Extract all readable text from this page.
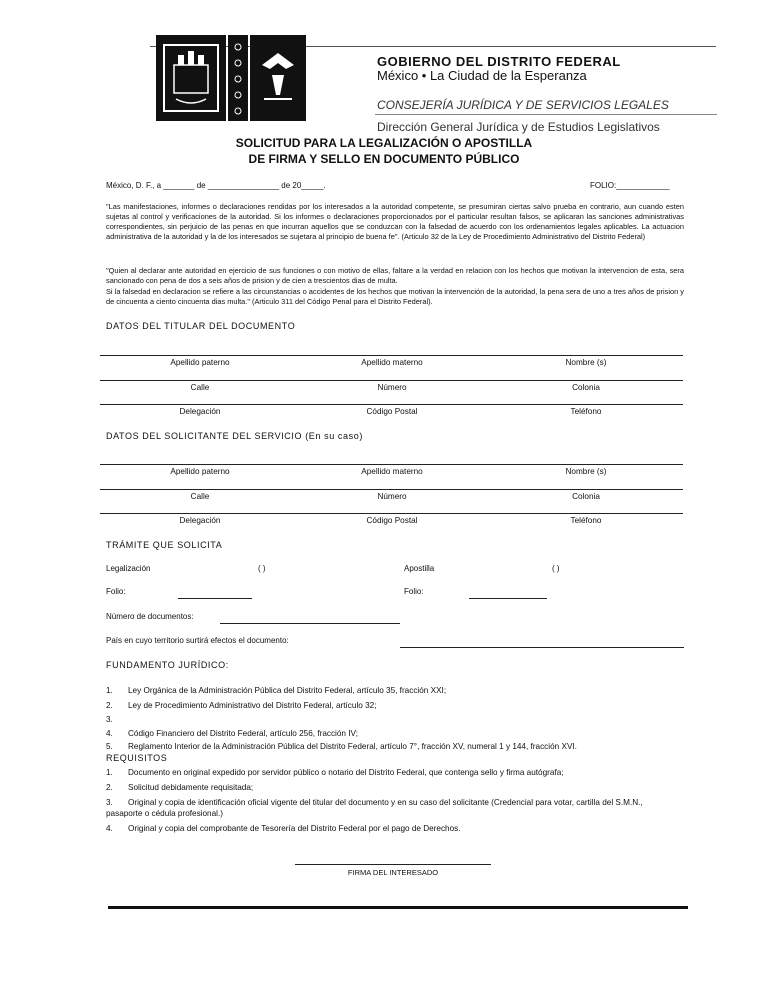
GOBIERNO DEL DISTRITO FEDERAL
México • La Ciudad de la Esperanza
CONSEJERÍA JURÍDICA Y DE SERVICIOS LEGALES
Dirección General Jurídica y de Estudios Legislativos
SOLICITUD PARA LA LEGALIZACIÓN O APOSTILLA
DE FIRMA Y SELLO EN DOCUMENTO PÚBLICO
México, D. F., a _______ de ________________ de 20_____.	FOLIO:____________
"Las manifestaciones, informes o declaraciones rendidas por los interesados a la autoridad competente, se presumiran ciertas salvo prueba en contrario, aun cuando esten sujetas al control y verificaciones de la autoridad. Si los informes o declaraciones proporcionados por el particular resultan falsos, se aplicaran las sanciones administrativas correspondientes, sin perjuicio de las penas en que incurran aquellos que se conduzcan con la falsedad de acuerdo con los ordenamientos legales aplicables. La actuacion administrativa de la autoridad y la de los interesados se sujetara al principio de buena fe". (Articulo 32 de la Ley de Procedimiento Administrativo del Distrito Federal)
"Quien al declarar ante autoridad en ejercicio de sus funciones o con motivo de ellas, faltare a la verdad en relacion con los hechos que motivan la intervencion de esta, sera sancionado con pena de dos a seis años de prision y de cien a trescientos dias de multa.
Si la falsedad en declaracion se refiere a las circunstancias o accidentes de los hechos que motivan la intervención de la autoridad, la pena sera de uno a tres años de prision y de cincuenta a ciento cincuenta dias multa." (Articulo 311 del Código Penal para el Distrito Federal).
DATOS DEL TITULAR DEL DOCUMENTO
Apellido paterno	Apellido materno	Nombre (s)
Calle	Número	Colonia
Delegación	Código Postal	Teléfono
DATOS DEL SOLICITANTE DEL SERVICIO (En su caso)
Apellido paterno	Apellido materno	Nombre (s)
Calle	Número	Colonia
Delegación	Código Postal	Teléfono
TRÁMITE QUE SOLICITA
Legalización	( )	Apostilla	( )
Folio:	Folio:
Número de documentos:
País en cuyo territorio surtirá efectos el documento:
FUNDAMENTO JURÍDICO:
1. Ley Orgánica de la Administración Pública del Distrito Federal, artículo 35, fracción XXI;
2. Ley de Procedimiento Administrativo del Distrito Federal, artículo 32;
3.
4. Código Financiero del Distrito Federal, artículo 256, fracción IV;
5. Reglamento Interior de la Administración Pública del Distrito Federal, artículo 7°, fracción XV, numeral 1 y 144, fracción XVI.
REQUISITOS
1. Documento en original expedido por servidor público o notario del Distrito Federal, que contenga sello y firma autógrafa;
2. Solicitud debidamente requisitada;
3. Original y copia de identificación oficial vigente del titular del documento y en su caso del solicitante (Credencial para votar, cartilla del S.M.N., pasaporte o cédula profesional.)
4. Original y copia del comprobante de Tesorería del Distrito Federal por el pago de Derechos.
FIRMA DEL INTERESADO
